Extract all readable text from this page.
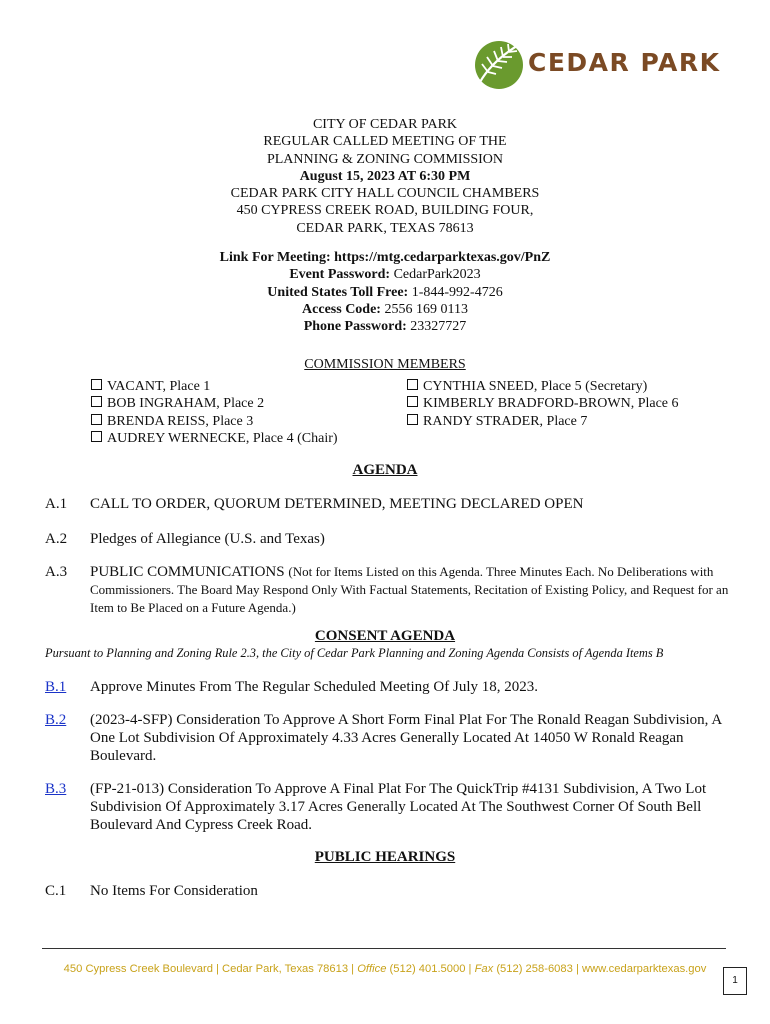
CEDAR PARK
CITY OF CEDAR PARK
REGULAR CALLED MEETING OF THE
PLANNING & ZONING COMMISSION
August 15, 2023 AT 6:30 PM
CEDAR PARK CITY HALL COUNCIL CHAMBERS
450 CYPRESS CREEK ROAD, BUILDING FOUR,
CEDAR PARK, TEXAS 78613
Link For Meeting: https://mtg.cedarparktexas.gov/PnZ
Event Password: CedarPark2023
United States Toll Free: 1-844-992-4726
Access Code: 2556 169 0113
Phone Password: 23327727
COMMISSION MEMBERS
VACANT, Place 1
BOB INGRAHAM, Place 2
BRENDA REISS, Place 3
AUDREY WERNECKE, Place 4 (Chair)
CYNTHIA SNEED, Place 5 (Secretary)
KIMBERLY BRADFORD-BROWN, Place 6
RANDY STRADER, Place 7
AGENDA
A.1 CALL TO ORDER, QUORUM DETERMINED, MEETING DECLARED OPEN
A.2 Pledges of Allegiance (U.S. and Texas)
A.3 PUBLIC COMMUNICATIONS (Not for Items Listed on this Agenda. Three Minutes Each. No Deliberations with Commissioners. The Board May Respond Only With Factual Statements, Recitation of Existing Policy, and Request for an Item to Be Placed on a Future Agenda.)
CONSENT AGENDA
Pursuant to Planning and Zoning Rule 2.3, the City of Cedar Park Planning and Zoning Agenda Consists of Agenda Items B
B.1 Approve Minutes From The Regular Scheduled Meeting Of July 18, 2023.
B.2 (2023-4-SFP) Consideration To Approve A Short Form Final Plat For The Ronald Reagan Subdivision, A One Lot Subdivision Of Approximately 4.33 Acres Generally Located At 14050 W Ronald Reagan Boulevard.
B.3 (FP-21-013) Consideration To Approve A Final Plat For The QuickTrip #4131 Subdivision, A Two Lot Subdivision Of Approximately 3.17 Acres Generally Located At The Southwest Corner Of South Bell Boulevard And Cypress Creek Road.
PUBLIC HEARINGS
C.1 No Items For Consideration
450 Cypress Creek Boulevard | Cedar Park, Texas 78613 | Office (512) 401.5000 | Fax (512) 258-6083 | www.cedarparktexas.gov
1
